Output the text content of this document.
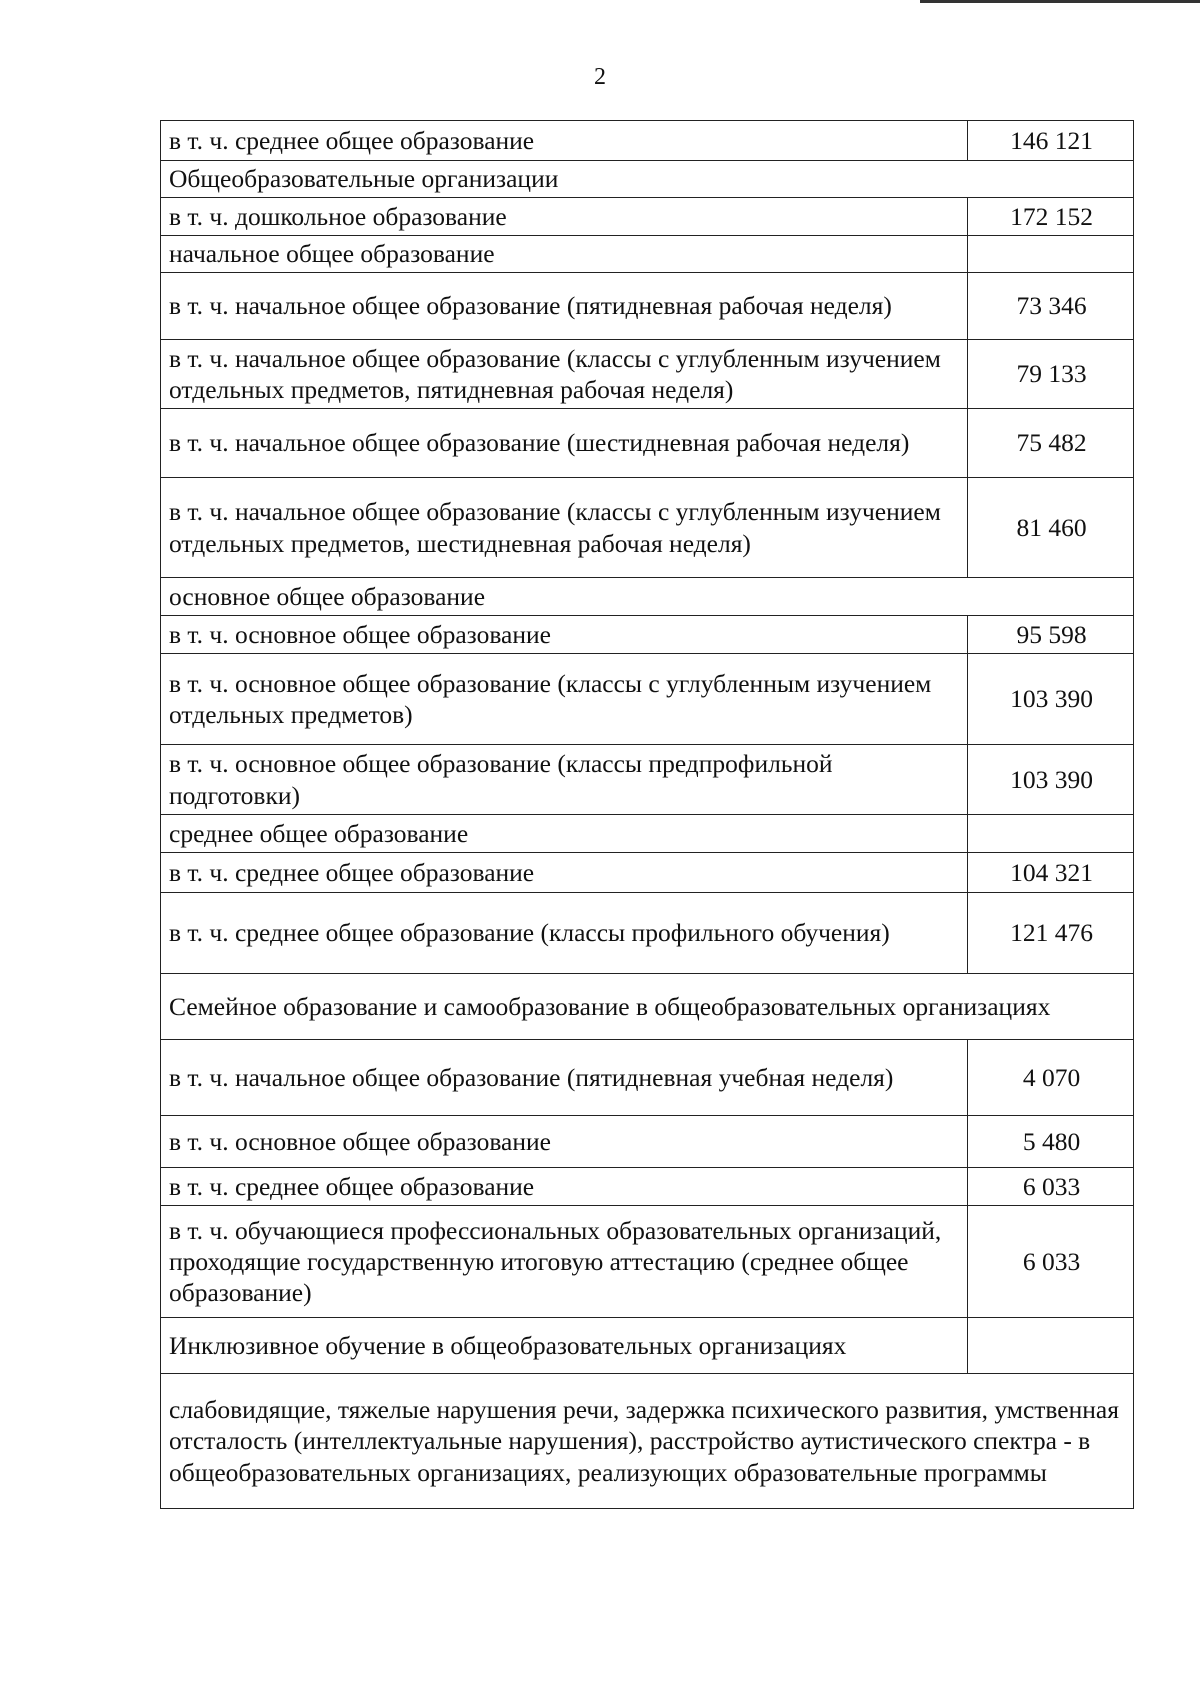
2
в т. ч. среднее общее образование	146 121
Общеобразовательные организации	
в т. ч. дошкольное образование	172 152
начальное общее образование	
в т. ч. начальное общее образование (пятидневная рабочая неделя)	73 346
в т. ч. начальное общее образование (классы с углубленным изучением отдельных предметов, пятидневная рабочая неделя)	79 133
в т. ч. начальное общее образование (шестидневная рабочая неделя)	75 482
в т. ч. начальное общее образование (классы с углубленным изучением отдельных предметов, шестидневная рабочая неделя)	81 460
основное общее образование	
в т. ч. основное общее образование	95 598
в т. ч. основное общее образование (классы с углубленным изучением отдельных предметов)	103 390
в т. ч. основное общее образование (классы предпрофильной подготовки)	103 390
среднее общее образование	
в т. ч. среднее общее образование	104 321
в т. ч. среднее общее образование (классы профильного обучения)	121 476
Семейное образование и самообразование в общеобразовательных организациях	
в т. ч. начальное общее образование (пятидневная учебная неделя)	4 070
в т. ч. основное общее образование	5 480
в т. ч. среднее общее образование	6 033
в т. ч. обучающиеся профессиональных образовательных организаций, проходящие государственную итоговую аттестацию (среднее общее образование)	6 033
Инклюзивное обучение в общеобразовательных организациях	
слабовидящие, тяжелые нарушения речи, задержка психического развития, умственная отсталость (интеллектуальные нарушения), расстройство аутистического спектра - в общеобразовательных организациях, реализующих образовательные программы	
